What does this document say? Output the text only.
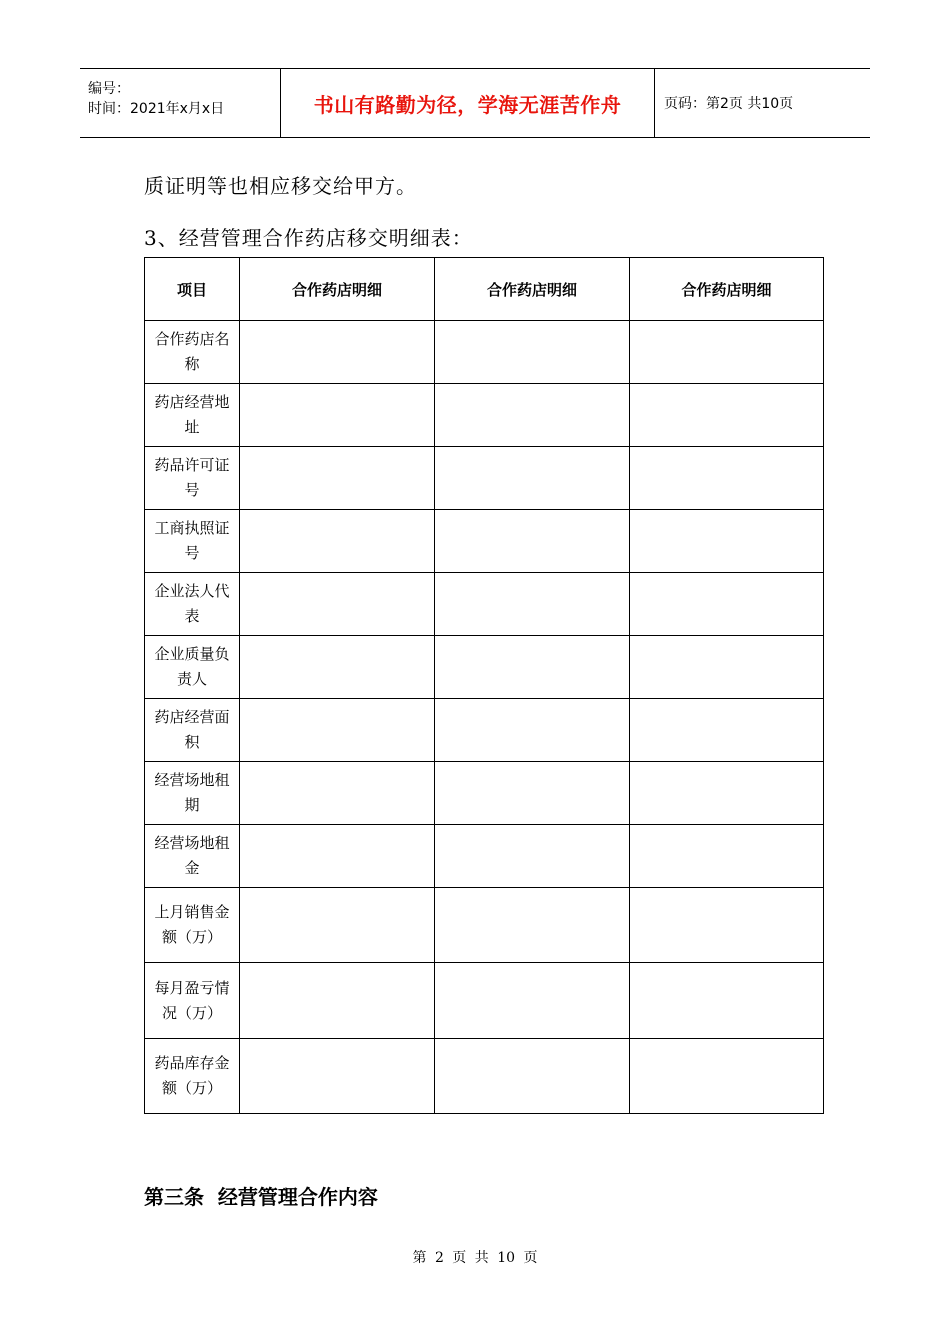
编号：
时间：2021年x月x日	书山有路勤为径，学海无涯苦作舟	页码：第2页 共10页
质证明等也相应移交给甲方。
3、经营管理合作药店移交明细表：
项目	合作药店明细	合作药店明细	合作药店明细
合作药店名称			
药店经营地址			
药品许可证号			
工商执照证号			
企业法人代表			
企业质量负责人			
药店经营面积			
经营场地租期			
经营场地租金			
上月销售金额（万）			
每月盈亏情况（万）			
药品库存金额（万）			
第三条  经营管理合作内容
第 2 页 共 10 页
